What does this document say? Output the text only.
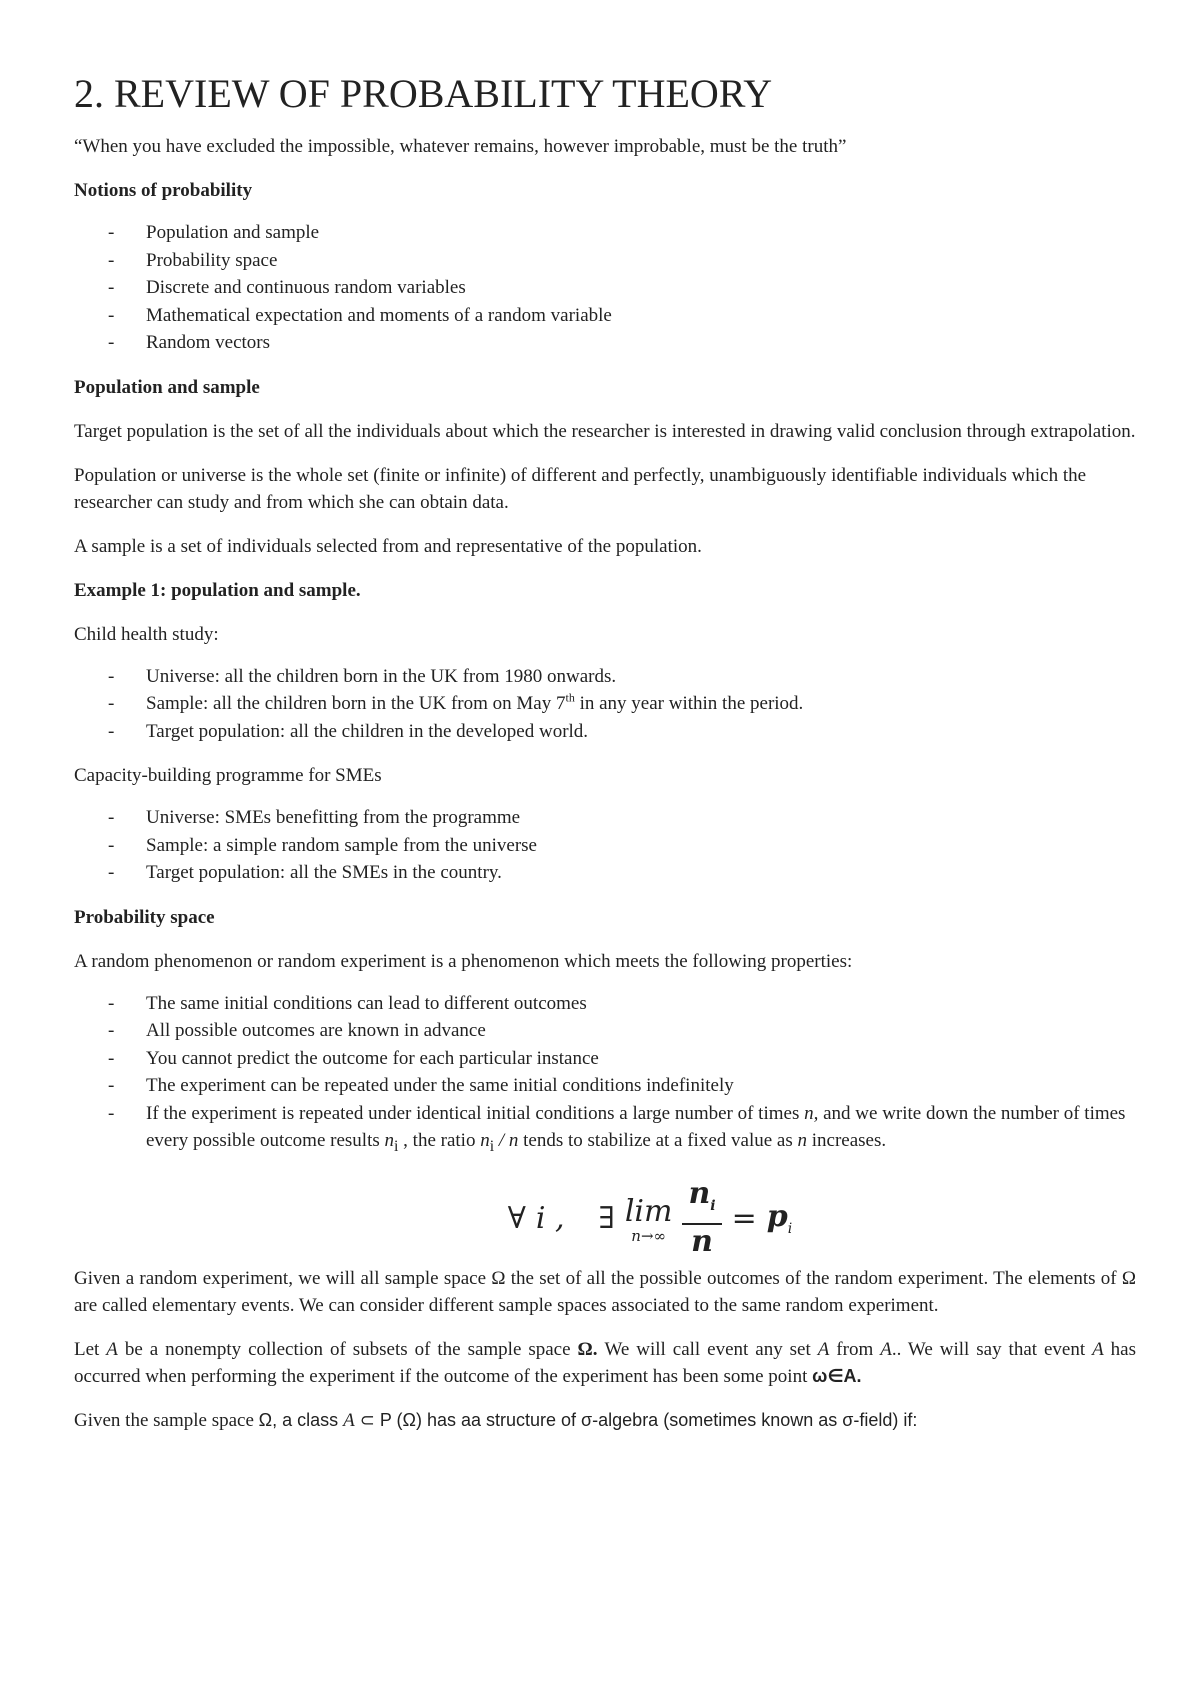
2. REVIEW OF PROBABILITY THEORY

“When you have excluded the impossible, whatever remains, however improbable, must be the truth”

Notions of probability

- Population and sample
- Probability space
- Discrete and continuous random variables
- Mathematical expectation and moments of a random variable
- Random vectors

Population and sample

Target population is the set of all the individuals about which the researcher is interested in drawing valid conclusion through extrapolation.

Population or universe is the whole set (finite or infinite) of different and perfectly, unambiguously identifiable individuals which the researcher can study and from which she can obtain data.

A sample is a set of individuals selected from and representative of the population.

Example 1: population and sample.

Child health study:

- Universe: all the children born in the UK from 1980 onwards.
- Sample: all the children born in the UK from on May 7th in any year within the period.
- Target population: all the children in the developed world.

Capacity-building programme for SMEs

- Universe: SMEs benefitting from the programme
- Sample: a simple random sample from the universe
- Target population: all the SMEs in the country.

Probability space

A random phenomenon or random experiment is a phenomenon which meets the following properties:

- The same initial conditions can lead to different outcomes
- All possible outcomes are known in advance
- You cannot predict the outcome for each particular instance
- The experiment can be repeated under the same initial conditions indefinitely
- If the experiment is repeated under identical initial conditions a large number of times n, and we write down the number of times every possible outcome results $n_i$ , the ratio $n_i$ / n tends to stabilize at a fixed value as n increases.
∀ i , ∃ lim
$n\to\infty \frac{n_i}{n} = p_i$

Given a random experiment, we will all sample space Ω the set of all the possible outcomes of the random experiment. The elements of Ω are called elementary events. We can consider different sample spaces associated to the same random experiment.

Let A be a nonempty collection of subsets of the sample space Ω. We will call event any set A from A.. We will say that event A has occurred when performing the experiment if the outcome of the experiment has been some point ω∈A.

Given the sample space Ω, a class A ⊂ P (Ω) has aa structure of σ-algebra (sometimes known as σ-field) if:
